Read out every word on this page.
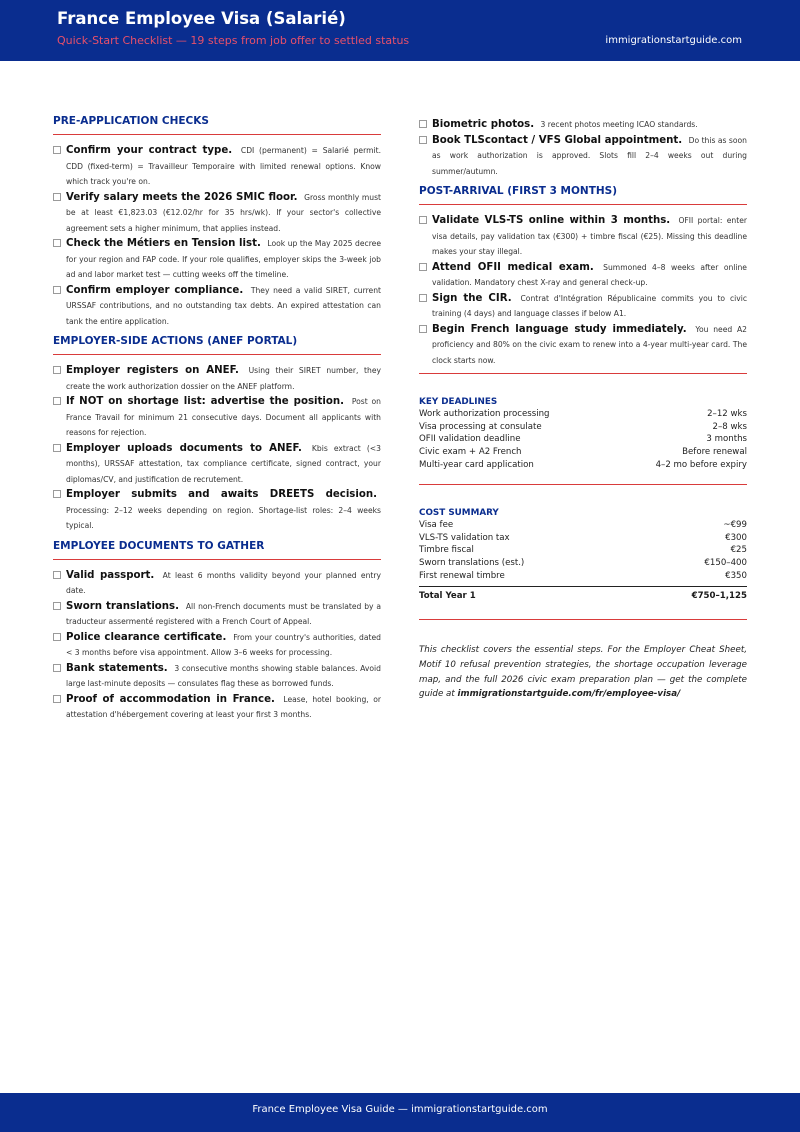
France Employee Visa (Salarié)
Quick-Start Checklist — 19 steps from job offer to settled status	immigrationstartguide.com
PRE-APPLICATION CHECKS
Confirm your contract type. CDI (permanent) = Salarié permit. CDD (fixed-term) = Travailleur Temporaire with limited renewal options. Know which track you're on.
Verify salary meets the 2026 SMIC floor. Gross monthly must be at least €1,823.03 (€12.02/hr for 35 hrs/wk). If your sector's collective agreement sets a higher minimum, that applies instead.
Check the Métiers en Tension list. Look up the May 2025 decree for your region and FAP code. If your role qualifies, employer skips the 3-week job ad and labor market test — cutting weeks off the timeline.
Confirm employer compliance. They need a valid SIRET, current URSSAF contributions, and no outstanding tax debts. An expired attestation can tank the entire application.
EMPLOYER-SIDE ACTIONS (ANEF PORTAL)
Employer registers on ANEF. Using their SIRET number, they create the work authorization dossier on the ANEF platform.
If NOT on shortage list: advertise the position. Post on France Travail for minimum 21 consecutive days. Document all applicants with reasons for rejection.
Employer uploads documents to ANEF. Kbis extract (<3 months), URSSAF attestation, tax compliance certificate, signed contract, your diplomas/CV, and justification de recrutement.
Employer submits and awaits DREETS decision. Processing: 2–12 weeks depending on region. Shortage-list roles: 2–4 weeks typical.
EMPLOYEE DOCUMENTS TO GATHER
Valid passport. At least 6 months validity beyond your planned entry date.
Sworn translations. All non-French documents must be translated by a traducteur assermenté registered with a French Court of Appeal.
Police clearance certificate. From your country's authorities, dated < 3 months before visa appointment. Allow 3–6 weeks for processing.
Bank statements. 3 consecutive months showing stable balances. Avoid large last-minute deposits — consulates flag these as borrowed funds.
Proof of accommodation in France. Lease, hotel booking, or attestation d'hébergement covering at least your first 3 months.
Biometric photos. 3 recent photos meeting ICAO standards.
Book TLScontact / VFS Global appointment. Do this as soon as work authorization is approved. Slots fill 2–4 weeks out during summer/autumn.
POST-ARRIVAL (FIRST 3 MONTHS)
Validate VLS-TS online within 3 months. OFII portal: enter visa details, pay validation tax (€300) + timbre fiscal (€25). Missing this deadline makes your stay illegal.
Attend OFII medical exam. Summoned 4–8 weeks after online validation. Mandatory chest X-ray and general check-up.
Sign the CIR. Contrat d'Intégration Républicaine commits you to civic training (4 days) and language classes if below A1.
Begin French language study immediately. You need A2 proficiency and 80% on the civic exam to renew into a 4-year multi-year card. The clock starts now.
KEY DEADLINES
Work authorization processing	2–12 wks
Visa processing at consulate	2–8 wks
OFII validation deadline	3 months
Civic exam + A2 French	Before renewal
Multi-year card application	4–2 mo before expiry
COST SUMMARY
Visa fee	~€99
VLS-TS validation tax	€300
Timbre fiscal	€25
Sworn translations (est.)	€150–400
First renewal timbre	€350
Total Year 1	€750–1,125
This checklist covers the essential steps. For the Employer Cheat Sheet, Motif 10 refusal prevention strategies, the shortage occupation leverage map, and the full 2026 civic exam preparation plan — get the complete guide at immigrationstartguide.com/fr/employee-visa/
France Employee Visa Guide — immigrationstartguide.com
